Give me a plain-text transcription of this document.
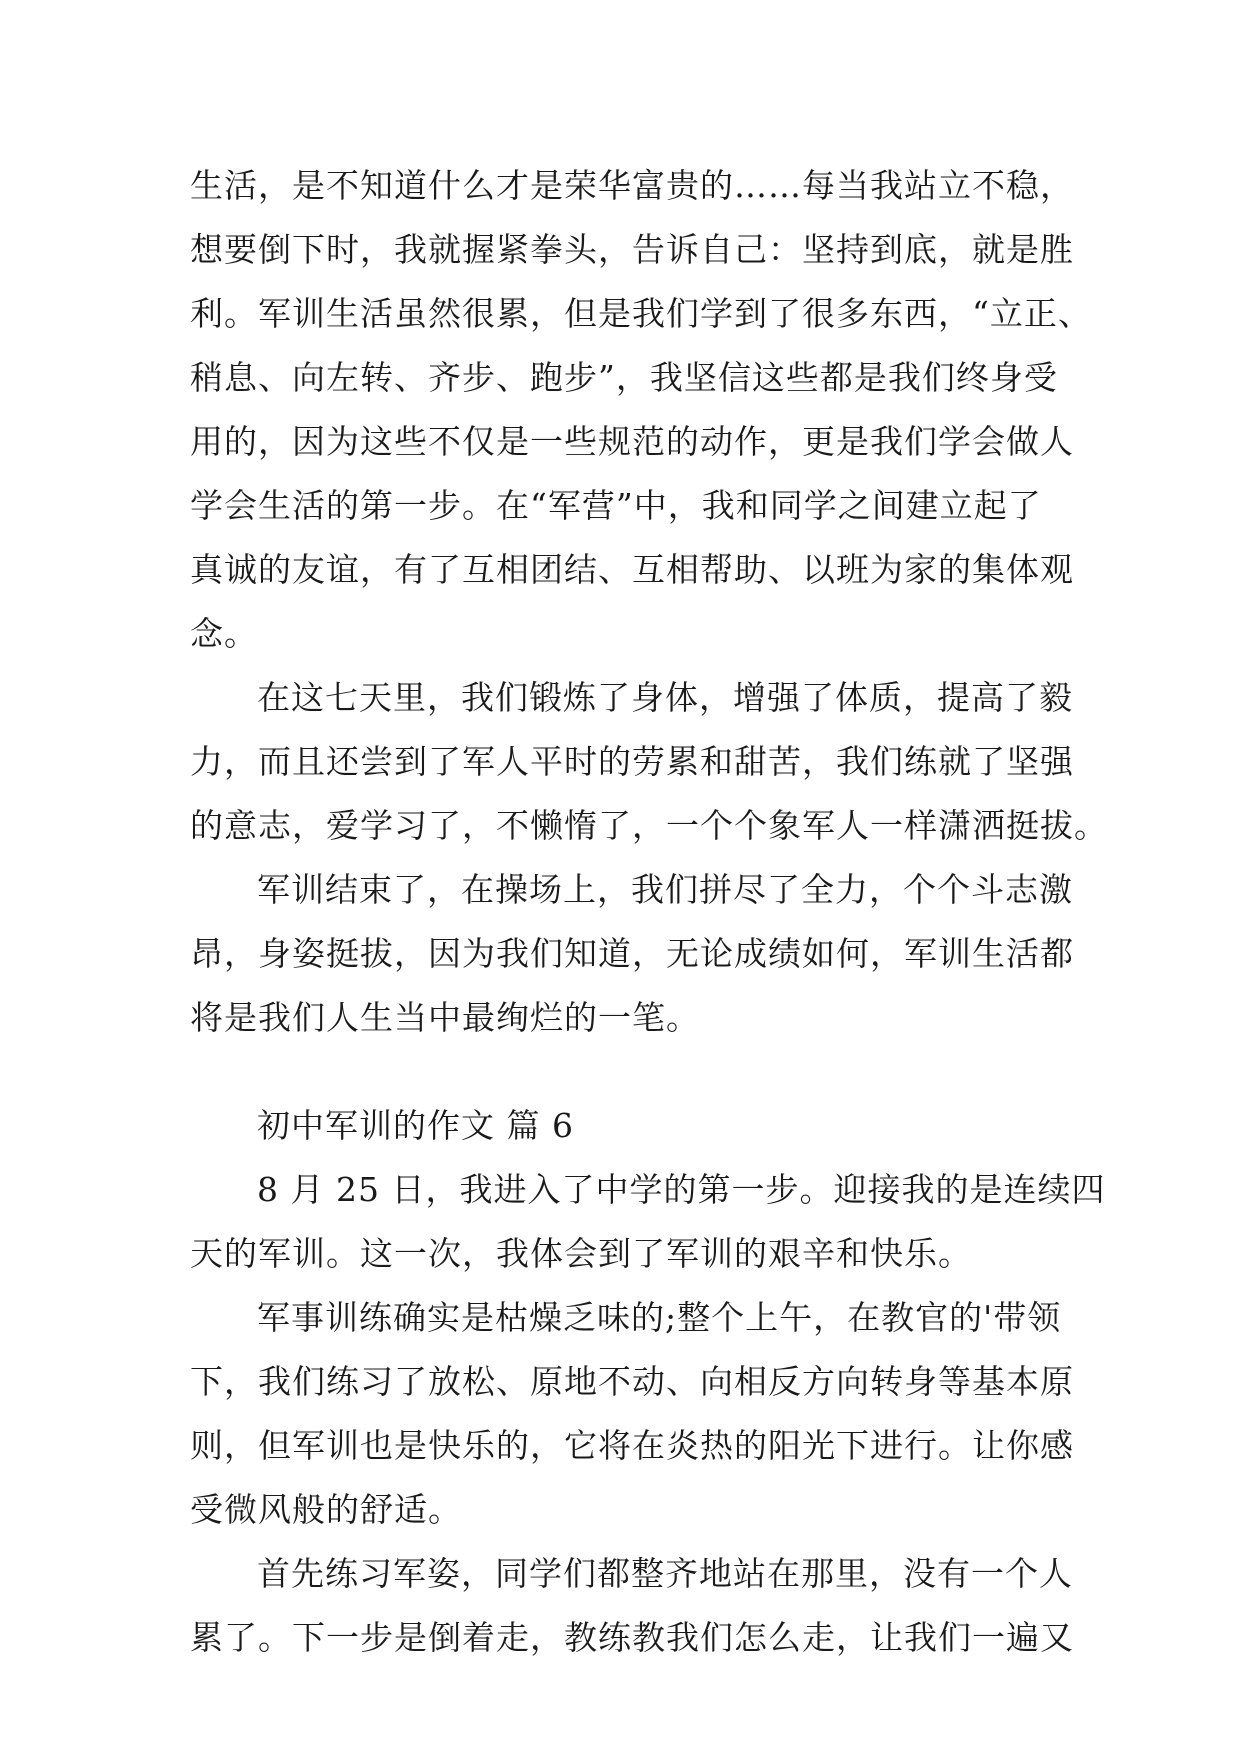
生活，是不知道什么才是荣华富贵的……每当我站立不稳，
想要倒下时，我就握紧拳头，告诉自己：坚持到底，就是胜
利。军训生活虽然很累，但是我们学到了很多东西，“立正、
稍息、向左转、齐步、跑步”，我坚信这些都是我们终身受
用的，因为这些不仅是一些规范的动作，更是我们学会做人
学会生活的第一步。在“军营”中，我和同学之间建立起了
真诚的友谊，有了互相团结、互相帮助、以班为家的集体观
念。
在这七天里，我们锻炼了身体，增强了体质，提高了毅
力，而且还尝到了军人平时的劳累和甜苦，我们练就了坚强
的意志，爱学习了，不懒惰了，一个个象军人一样潇洒挺拔。
军训结束了，在操场上，我们拼尽了全力，个个斗志激
昂，身姿挺拔，因为我们知道，无论成绩如何，军训生活都
将是我们人生当中最绚烂的一笔。
初中军训的作文 篇 6
8 月 25 日，我进入了中学的第一步。迎接我的是连续四
天的军训。这一次，我体会到了军训的艰辛和快乐。
军事训练确实是枯燥乏味的;整个上午，在教官的'带领
下，我们练习了放松、原地不动、向相反方向转身等基本原
则，但军训也是快乐的，它将在炎热的阳光下进行。让你感
受微风般的舒适。
首先练习军姿，同学们都整齐地站在那里，没有一个人
累了。下一步是倒着走，教练教我们怎么走，让我们一遍又
